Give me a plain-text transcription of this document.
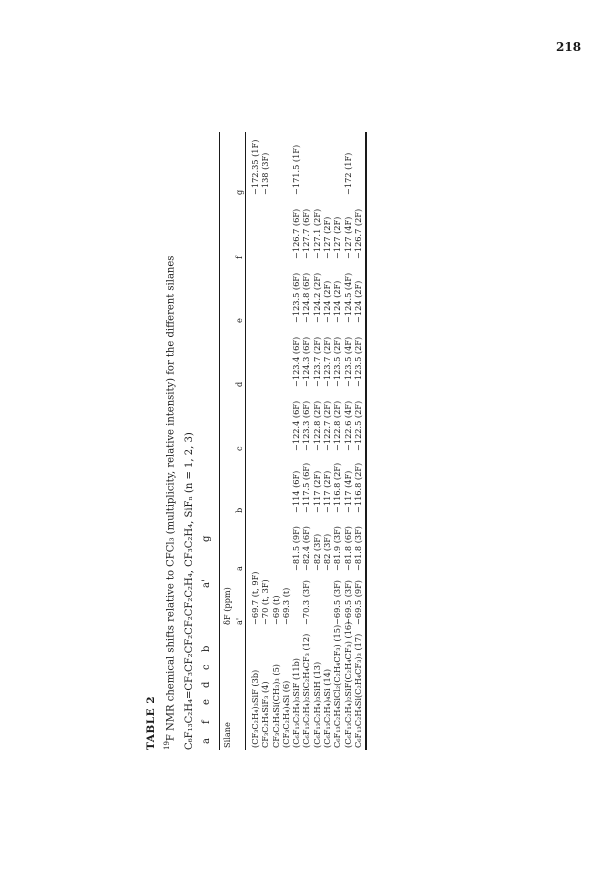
218
TABLE 2 $^{19}$F NMR chemical shifts relative to CFCl₃ (multiplicity, relative intensity) for the different silanes C₆F₁₃C₂H₄=CF₃CF₂CF₂CF₂CF₂C₂H₄, CF₃C₂H₄, SiFₙ (n = 1, 2, 3) a
f
e
d
c
b
a'
g
Silane	δF (ppm)							
	a'	a	b	c	d	e	f	g

(CF₃C₂H₄)₃SiF (3b)	−69.7 (t, 9F)							−172.35 (1F)
CF₃C₂H₄SiF₃ (4)	−70 (t, 3F)							−138 (3F)
CF₃C₂H₄Si(CH₃)₃ (5)	−69 (t)							
(CF₃C₂H₄)₄Si (6)	−69.3 (t)							
(C₆F₁₃C₂H₄)₃SiF (11b)		−81.5 (9F)	−114 (6F)	−122.4 (6F)	−123.4 (6F)	−123.5 (6F)	−126.7 (6F)	−171.5 (1F)
(C₆F₁₃C₂H₄)₂SiC₂H₄CF₃ (12)	−70.3 (3F)	−82.4 (6F)	−117.5 (6F)	−123.3 (6F)	−124.3 (6F)	−124.8 (6F)	−127.7 (6F)	
(C₆F₁₃C₂H₄)₃SiH (13)		−82 (3F)	−117 (2F)	−122.8 (2F)	−123.7 (2F)	−124.2 (2F)	−127.1 (2F)	
(C₆F₁₃C₂H₄)₄Si (14)		−82 (3F)	−117 (2F)	−122.7 (2F)	−123.7 (2F)	−124 (2F)	−127 (2F)	
C₆F₁₃C₂H₄SiCl₂(C₂H₄CF₃) (15)	−69.5 (3F)	−81.9 (3F)	−116.8 (2F)	−122.8 (2F)	−123.5 (2F)	−124 (2F)	−127 (2F)	
(C₆F₁₃C₂H₄)₂SiF(C₂H₄CF₃) (16)	−69.5 (3F)	−81.8 (6F)	−117 (4F)	−122.6 (4F)	−123.5 (4F)	−124.5 (4F)	−127 (4F)	−172 (1F)
C₆F₁₃C₂H₄Si(C₂H₄CF₃)₃ (17)	−69.5 (9F)	−81.8 (3F)	−116.8 (2F)	−122.5 (2F)	−123.5 (2F)	−124 (2F)	−126.7 (2F)	
